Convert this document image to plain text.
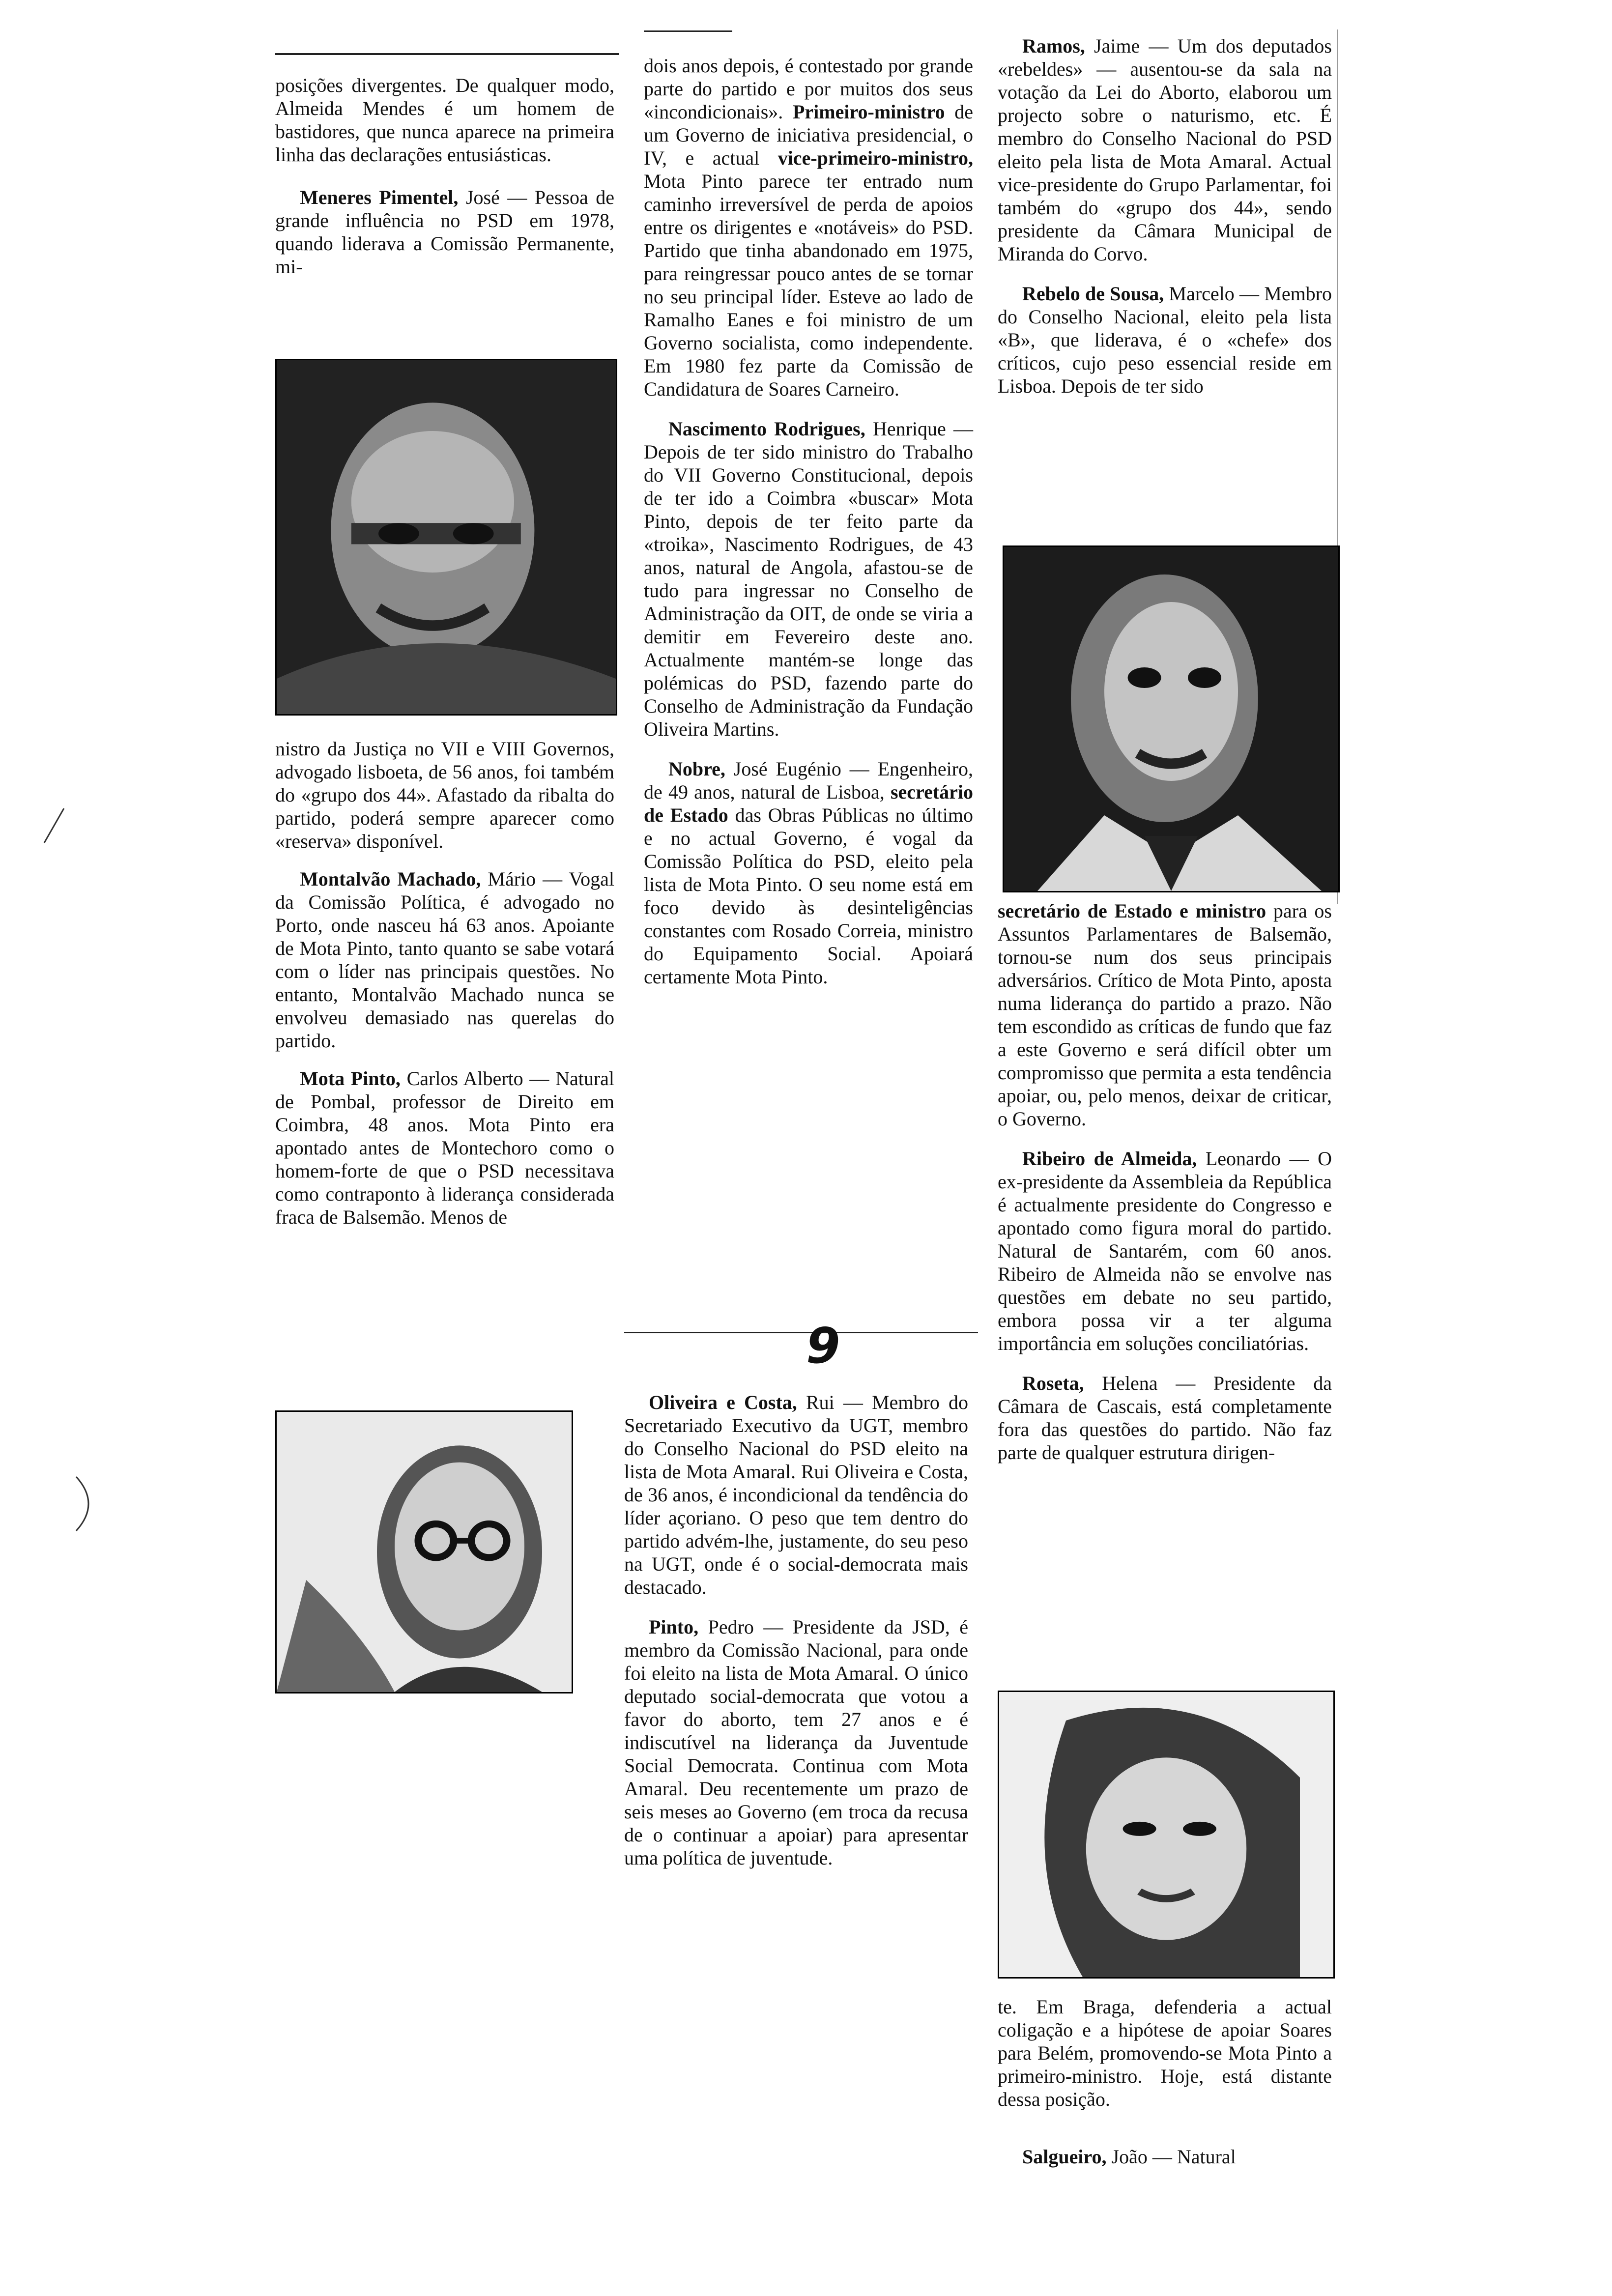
posições divergentes. De qualquer modo, Almeida Mendes é um homem de bastidores, que nunca aparece na primeira linha das declarações entusiásticas.

Meneres Pimentel, José — Pessoa de grande influência no PSD em 1978, quando liderava a Comissão Permanente, mi-

nistro da Justiça no VII e VIII Governos, advogado lisboeta, de 56 anos, foi também do «grupo dos 44». Afastado da ribalta do partido, poderá sempre aparecer como «reserva» disponível.

Montalvão Machado, Mário — Vogal da Comissão Política, é advogado no Porto, onde nasceu há 63 anos. Apoiante de Mota Pinto, tanto quanto se sabe votará com o líder nas principais questões. No entanto, Montalvão Machado nunca se envolveu demasiado nas querelas do partido.

Mota Pinto, Carlos Alberto — Natural de Pombal, professor de Direito em Coimbra, 48 anos. Mota Pinto era apontado antes de Montechoro como o homem-forte de que o PSD necessitava como contraponto à liderança considerada fraca de Balsemão. Menos de

dois anos depois, é contestado por grande parte do partido e por muitos dos seus «incondicionais». Primeiro-ministro de um Governo de iniciativa presidencial, o IV, e actual vice-primeiro-ministro, Mota Pinto parece ter entrado num caminho irreversível de perda de apoios entre os dirigentes e «notáveis» do PSD. Partido que tinha abandonado em 1975, para reingressar pouco antes de se tornar no seu principal líder. Esteve ao lado de Ramalho Eanes e foi ministro de um Governo socialista, como independente. Em 1980 fez parte da Comissão de Candidatura de Soares Carneiro.

Nascimento Rodrigues, Henrique — Depois de ter sido ministro do Trabalho do VII Governo Constitucional, depois de ter ido a Coimbra «buscar» Mota Pinto, depois de ter feito parte da «troika», Nascimento Rodrigues, de 43 anos, natural de Angola, afastou-se de tudo para ingressar no Conselho de Administração da OIT, de onde se viria a demitir em Fevereiro deste ano. Actualmente mantém-se longe das polémicas do PSD, fazendo parte do Conselho de Administração da Fundação Oliveira Martins.

Nobre, José Eugénio — Engenheiro, de 49 anos, natural de Lisboa, secretário de Estado das Obras Públicas no último e no actual Governo, é vogal da Comissão Política do PSD, eleito pela lista de Mota Pinto. O seu nome está em foco devido às desinteligências constantes com Rosado Correia, ministro do Equipamento Social. Apoiará certamente Mota Pinto.

9

Oliveira e Costa, Rui — Membro do Secretariado Executivo da UGT, membro do Conselho Nacional do PSD eleito na lista de Mota Amaral. Rui Oliveira e Costa, de 36 anos, é incondicional da tendência do líder açoriano. O peso que tem dentro do partido advém-lhe, justamente, do seu peso na UGT, onde é o social-democrata mais destacado.

Pinto, Pedro — Presidente da JSD, é membro da Comissão Nacional, para onde foi eleito na lista de Mota Amaral. O único deputado social-democrata que votou a favor do aborto, tem 27 anos e é indiscutível na liderança da Juventude Social Democrata. Continua com Mota Amaral. Deu recentemente um prazo de seis meses ao Governo (em troca da recusa de o continuar a apoiar) para apresentar uma política de juventude.

Ramos, Jaime — Um dos deputados «rebeldes» — ausentou-se da sala na votação da Lei do Aborto, elaborou um projecto sobre o naturismo, etc. É membro do Conselho Nacional do PSD eleito pela lista de Mota Amaral. Actual vice-presidente do Grupo Parlamentar, foi também do «grupo dos 44», sendo presidente da Câmara Municipal de Miranda do Corvo.

Rebelo de Sousa, Marcelo — Membro do Conselho Nacional, eleito pela lista «B», que liderava, é o «chefe» dos críticos, cujo peso essencial reside em Lisboa. Depois de ter sido

secretário de Estado e ministro para os Assuntos Parlamentares de Balsemão, tornou-se num dos seus principais adversários. Crítico de Mota Pinto, aposta numa liderança do partido a prazo. Não tem escondido as críticas de fundo que faz a este Governo e será difícil obter um compromisso que permita a esta tendência apoiar, ou, pelo menos, deixar de criticar, o Governo.

Ribeiro de Almeida, Leonardo — O ex-presidente da Assembleia da República é actualmente presidente do Congresso e apontado como figura moral do partido. Natural de Santarém, com 60 anos. Ribeiro de Almeida não se envolve nas questões em debate no seu partido, embora possa vir a ter alguma importância em soluções conciliatórias.

Roseta, Helena — Presidente da Câmara de Cascais, está completamente fora das questões do partido. Não faz parte de qualquer estrutura dirigen-

te. Em Braga, defenderia a actual coligação e a hipótese de apoiar Soares para Belém, promovendo-se Mota Pinto a primeiro-ministro. Hoje, está distante dessa posição.

Salgueiro, João — Natural
